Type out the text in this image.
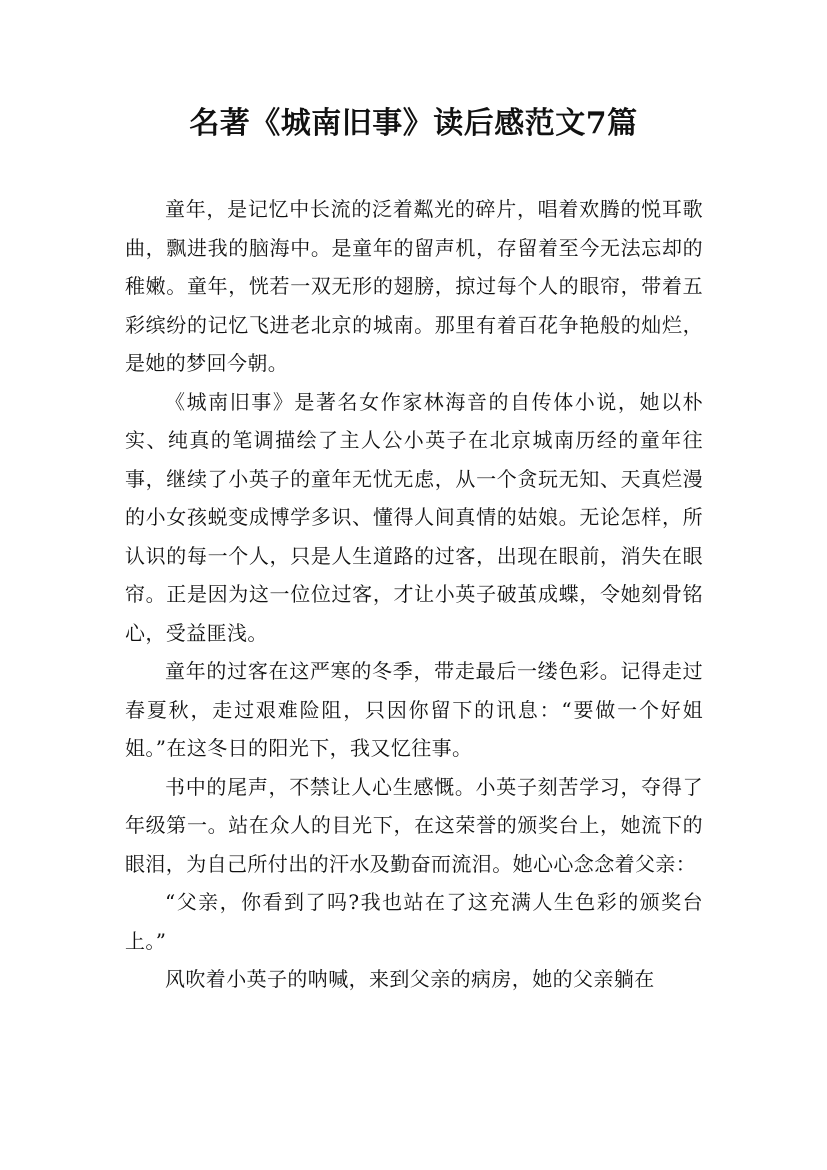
名著《城南旧事》读后感范文7篇

童年，是记忆中长流的泛着粼光的碎片，唱着欢腾的悦耳歌曲，飘进我的脑海中。是童年的留声机，存留着至今无法忘却的稚嫩。童年，恍若一双无形的翅膀，掠过每个人的眼帘，带着五彩缤纷的记忆飞进老北京的城南。那里有着百花争艳般的灿烂，是她的梦回今朝。

《城南旧事》是著名女作家林海音的自传体小说，她以朴实、纯真的笔调描绘了主人公小英子在北京城南历经的童年往事，继续了小英子的童年无忧无虑，从一个贪玩无知、天真烂漫的小女孩蜕变成博学多识、懂得人间真情的姑娘。无论怎样，所认识的每一个人，只是人生道路的过客，出现在眼前，消失在眼帘。正是因为这一位位过客，才让小英子破茧成蝶，令她刻骨铭心，受益匪浅。

童年的过客在这严寒的冬季，带走最后一缕色彩。记得走过春夏秋，走过艰难险阻，只因你留下的讯息：“要做一个好姐姐。”在这冬日的阳光下，我又忆往事。

书中的尾声，不禁让人心生感慨。小英子刻苦学习，夺得了年级第一。站在众人的目光下，在这荣誉的颁奖台上，她流下的眼泪，为自己所付出的汗水及勤奋而流泪。她心心念念着父亲：

“父亲，你看到了吗?我也站在了这充满人生色彩的颁奖台上。”

风吹着小英子的呐喊，来到父亲的病房，她的父亲躺在
